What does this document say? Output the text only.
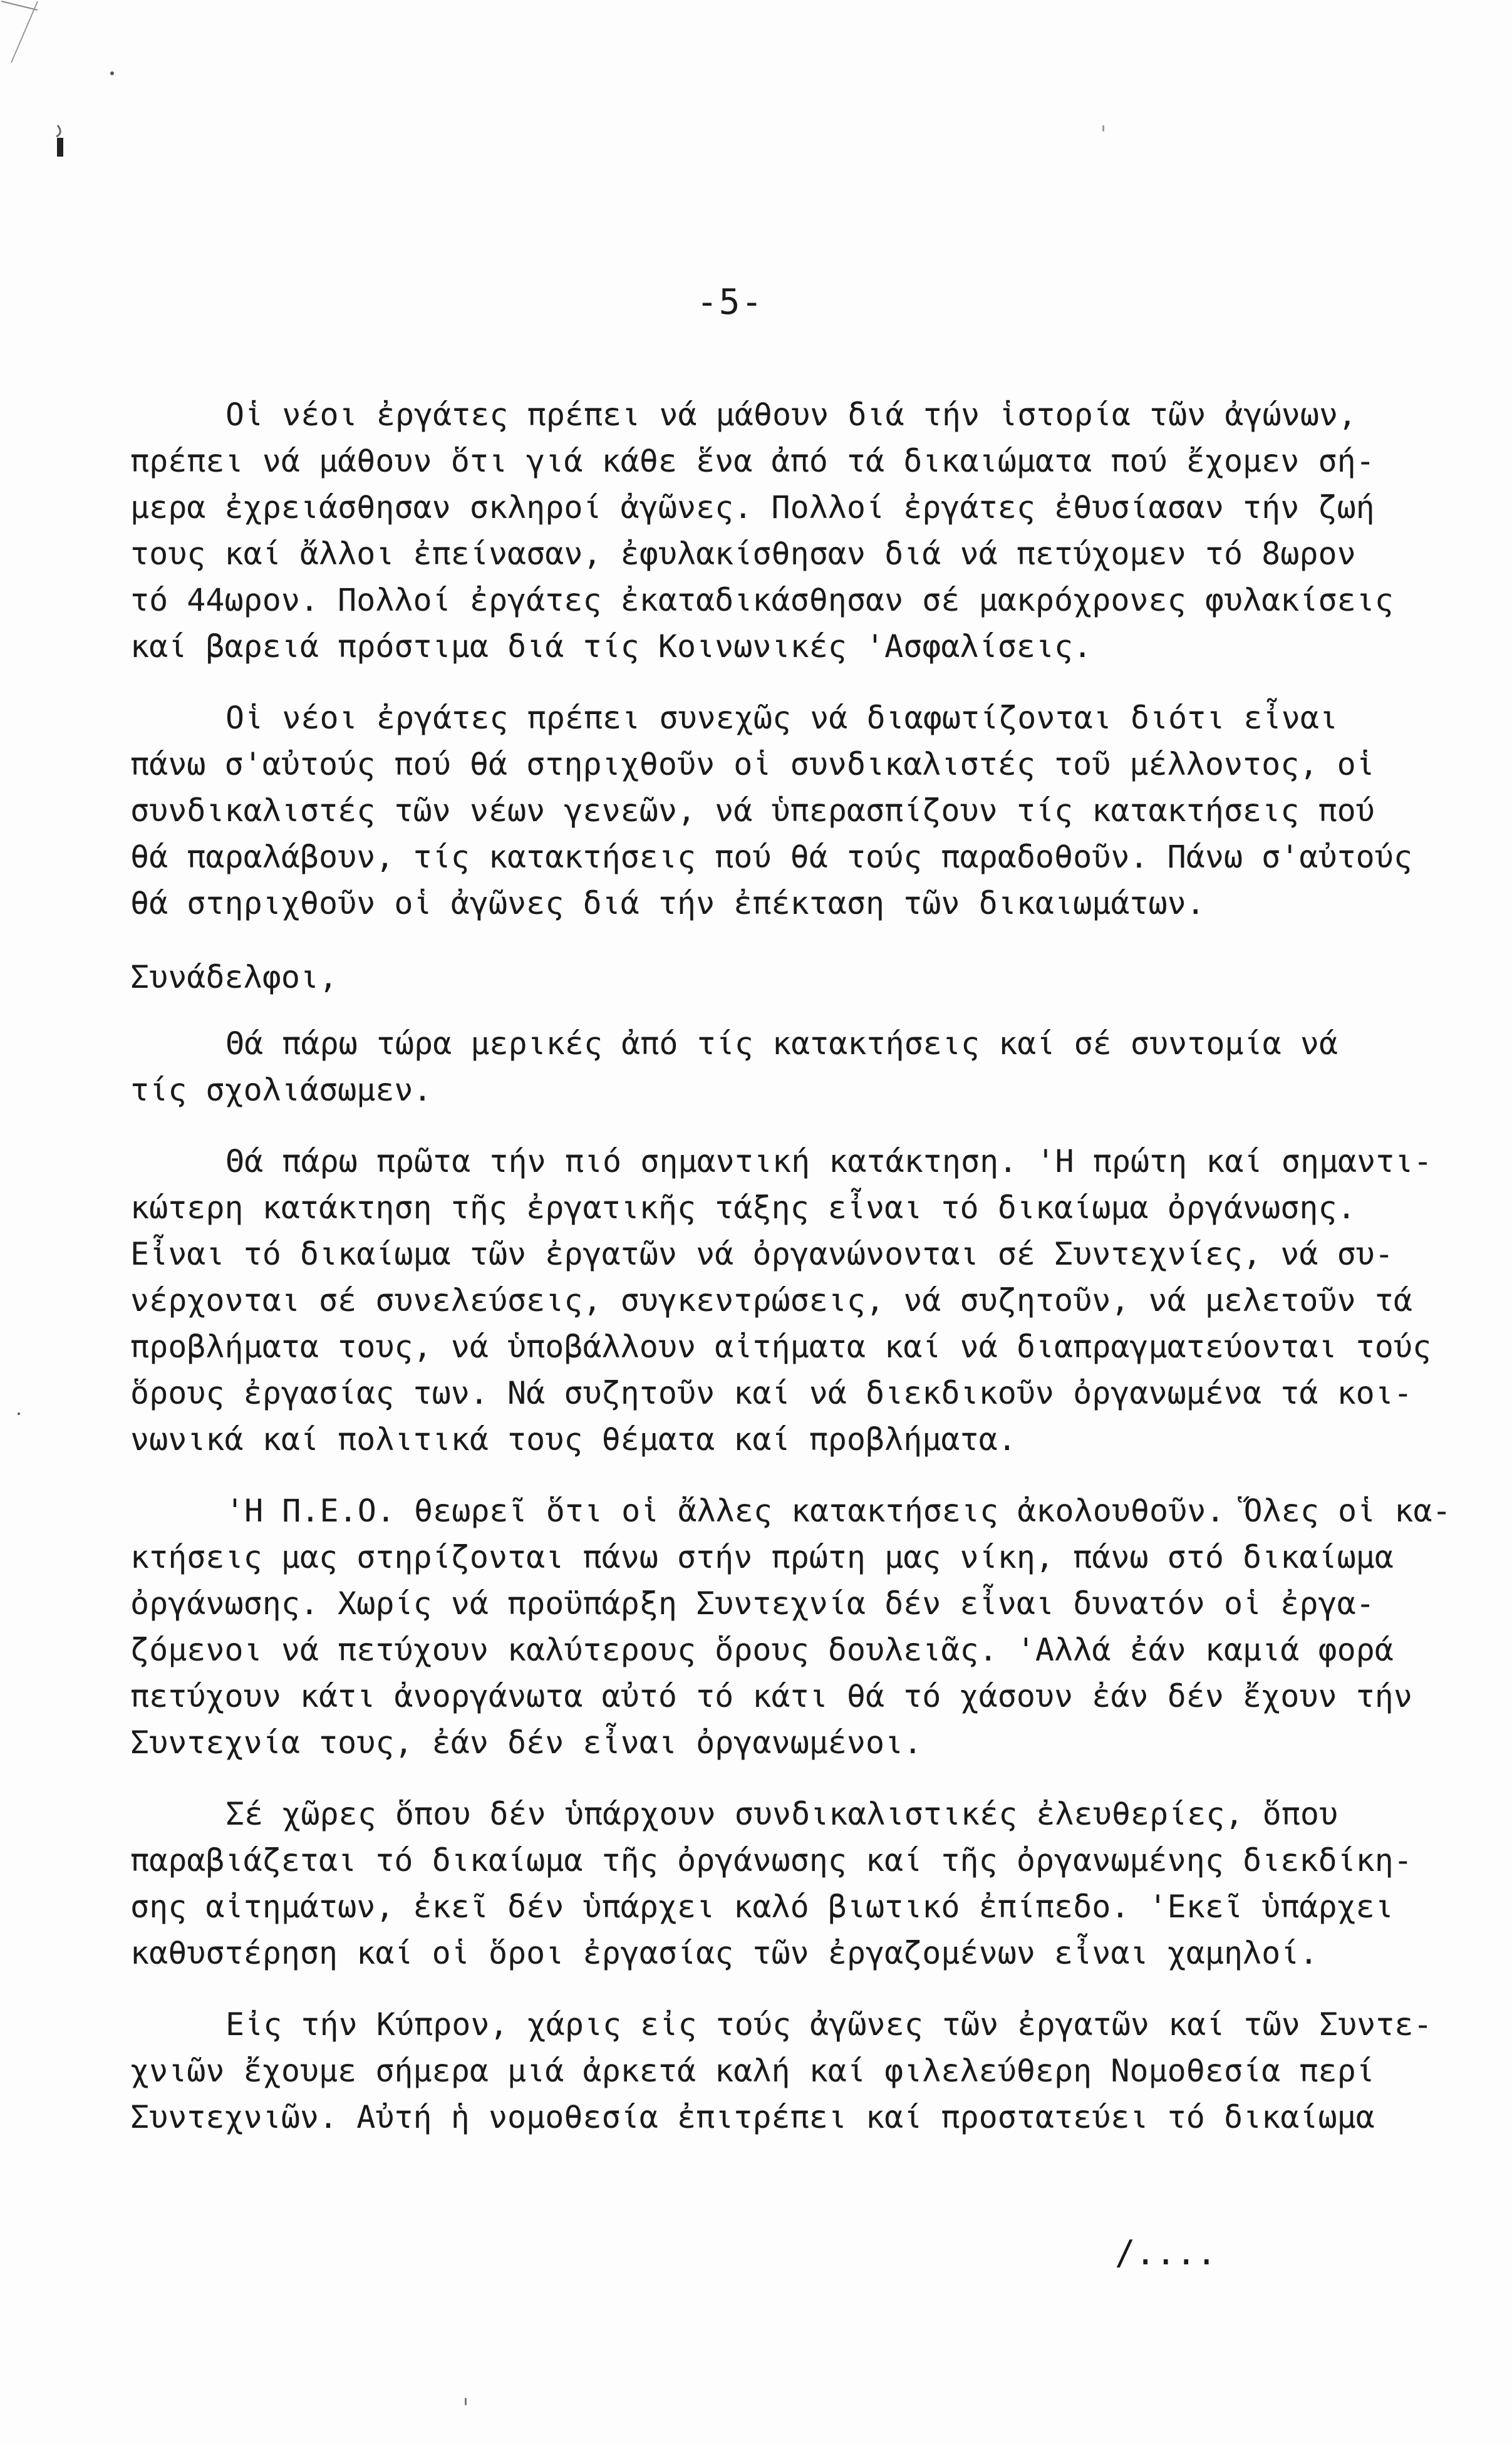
-5-
Οἱ νέοι ἐργάτες πρέπει νά μάθουν διά τήν ἱστορία τῶν ἀγώνων,
πρέπει νά μάθουν ὅτι γιά κάθε ἕνα ἀπό τά δικαιώματα πού ἔχομεν σή-
μερα ἐχρειάσθησαν σκληροί ἀγῶνες. Πολλοί ἐργάτες ἐθυσίασαν τήν ζωή
τους καί ἄλλοι ἐπείνασαν, ἐφυλακίσθησαν διά νά πετύχομεν τό 8ωρον
τό 44ωρον. Πολλοί ἐργάτες ἐκαταδικάσθησαν σέ μακρόχρονες φυλακίσεις
καί βαρειά πρόστιμα διά τίς Κοινωνικές 'Ασφαλίσεις.
Οἱ νέοι ἐργάτες πρέπει συνεχῶς νά διαφωτίζονται διότι εἶναι
πάνω σ'αὐτούς πού θά στηριχθοῦν οἱ συνδικαλιστές τοῦ μέλλοντος, οἱ
συνδικαλιστές τῶν νέων γενεῶν, νά ὑπερασπίζουν τίς κατακτήσεις πού
θά παραλάβουν, τίς κατακτήσεις πού θά τούς παραδοθοῦν. Πάνω σ'αὐτούς
θά στηριχθοῦν οἱ ἀγῶνες διά τήν ἐπέκταση τῶν δικαιωμάτων.
Συνάδελφοι,
Θά πάρω τώρα μερικές ἀπό τίς κατακτήσεις καί σέ συντομία νά
τίς σχολιάσωμεν.
Θά πάρω πρῶτα τήν πιό σημαντική κατάκτηση. 'Η πρώτη καί σημαντι-
κώτερη κατάκτηση τῆς ἐργατικῆς τάξης εἶναι τό δικαίωμα ὀργάνωσης.
Εἶναι τό δικαίωμα τῶν ἐργατῶν νά ὀργανώνονται σέ Συντεχνίες, νά συ-
νέρχονται σέ συνελεύσεις, συγκεντρώσεις, νά συζητοῦν, νά μελετοῦν τά
προβλήματα τους, νά ὑποβάλλουν αἰτήματα καί νά διαπραγματεύονται τούς
ὅρους ἐργασίας των. Νά συζητοῦν καί νά διεκδικοῦν ὀργανωμένα τά κοι-
νωνικά καί πολιτικά τους θέματα καί προβλήματα.
'Η Π.Ε.Ο. θεωρεῖ ὅτι οἱ ἄλλες κατακτήσεις ἀκολουθοῦν. Ὅλες οἱ κα-
κτήσεις μας στηρίζονται πάνω στήν πρώτη μας νίκη, πάνω στό δικαίωμα
ὀργάνωσης. Χωρίς νά προϋπάρξη Συντεχνία δέν εἶναι δυνατόν οἱ ἐργα-
ζόμενοι νά πετύχουν καλύτερους ὅρους δουλειᾶς. 'Αλλά ἐάν καμιά φορά
πετύχουν κάτι ἀνοργάνωτα αὐτό τό κάτι θά τό χάσουν ἐάν δέν ἔχουν τήν
Συντεχνία τους, ἐάν δέν εἶναι ὀργανωμένοι.
Σέ χῶρες ὅπου δέν ὑπάρχουν συνδικαλιστικές ἐλευθερίες, ὅπου
παραβιάζεται τό δικαίωμα τῆς ὀργάνωσης καί τῆς ὀργανωμένης διεκδίκη-
σης αἰτημάτων, ἐκεῖ δέν ὑπάρχει καλό βιωτικό ἐπίπεδο. 'Εκεῖ ὑπάρχει
καθυστέρηση καί οἱ ὅροι ἐργασίας τῶν ἐργαζομένων εἶναι χαμηλοί.
Εἰς τήν Κύπρον, χάρις εἰς τούς ἀγῶνες τῶν ἐργατῶν καί τῶν Συντε-
χνιῶν ἔχουμε σήμερα μιά ἀρκετά καλή καί φιλελεύθερη Νομοθεσία περί
Συντεχνιῶν. Αὐτή ἡ νομοθεσία ἐπιτρέπει καί προστατεύει τό δικαίωμα
/....
